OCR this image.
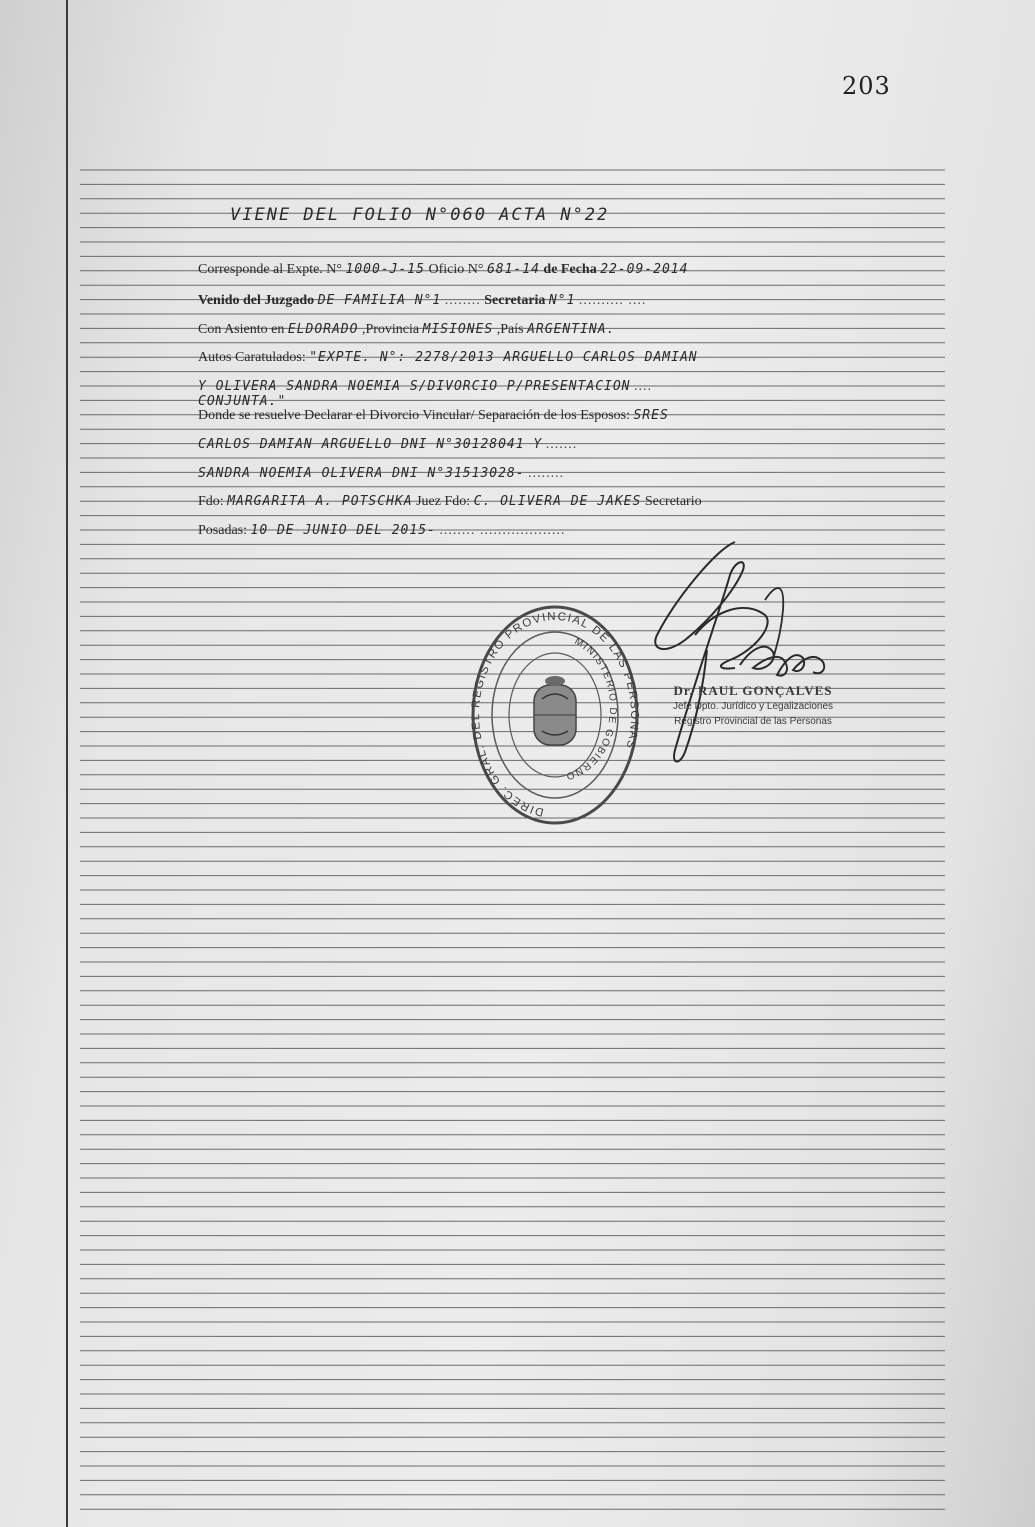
203
VIENE DEL FOLIO N°060 ACTA N°22
Corresponde al Expte. N° 1000-J-15 Oficio N° 681-14 de Fecha 22-09-2014
Venido del Juzgado DE FAMILIA N°1 ........ Secretaria N°1 .......... ....
Con Asiento en ELDORADO ,Provincia MISIONES ,País ARGENTINA.
Autos Caratulados: "EXPTE. N°: 2278/2013 ARGUELLO CARLOS DAMIAN
Y OLIVERA SANDRA NOEMIA S/DIVORCIO P/PRESENTACION ....
CONJUNTA."
Donde se resuelve Declarar el Divorcio Vincular/ Separación de los Esposos: SRES
CARLOS DAMIAN ARGUELLO DNI N°30128041 Y .......
SANDRA NOEMIA OLIVERA DNI N°31513028- ........
Fdo: MARGARITA A. POTSCHKA Juez Fdo: C. OLIVERA DE JAKES Secretario
Posadas: 10 DE JUNIO DEL 2015- ........ ...................
DIREC. GRAL. DEL REGISTRO PROVINCIAL DE LAS PERSONAS
MINISTERIO DE GOBIERNO
Dr. RAUL GONÇALVES
Jefe Dpto. Jurídico y Legalizaciones
Registro Provincial de las Personas
